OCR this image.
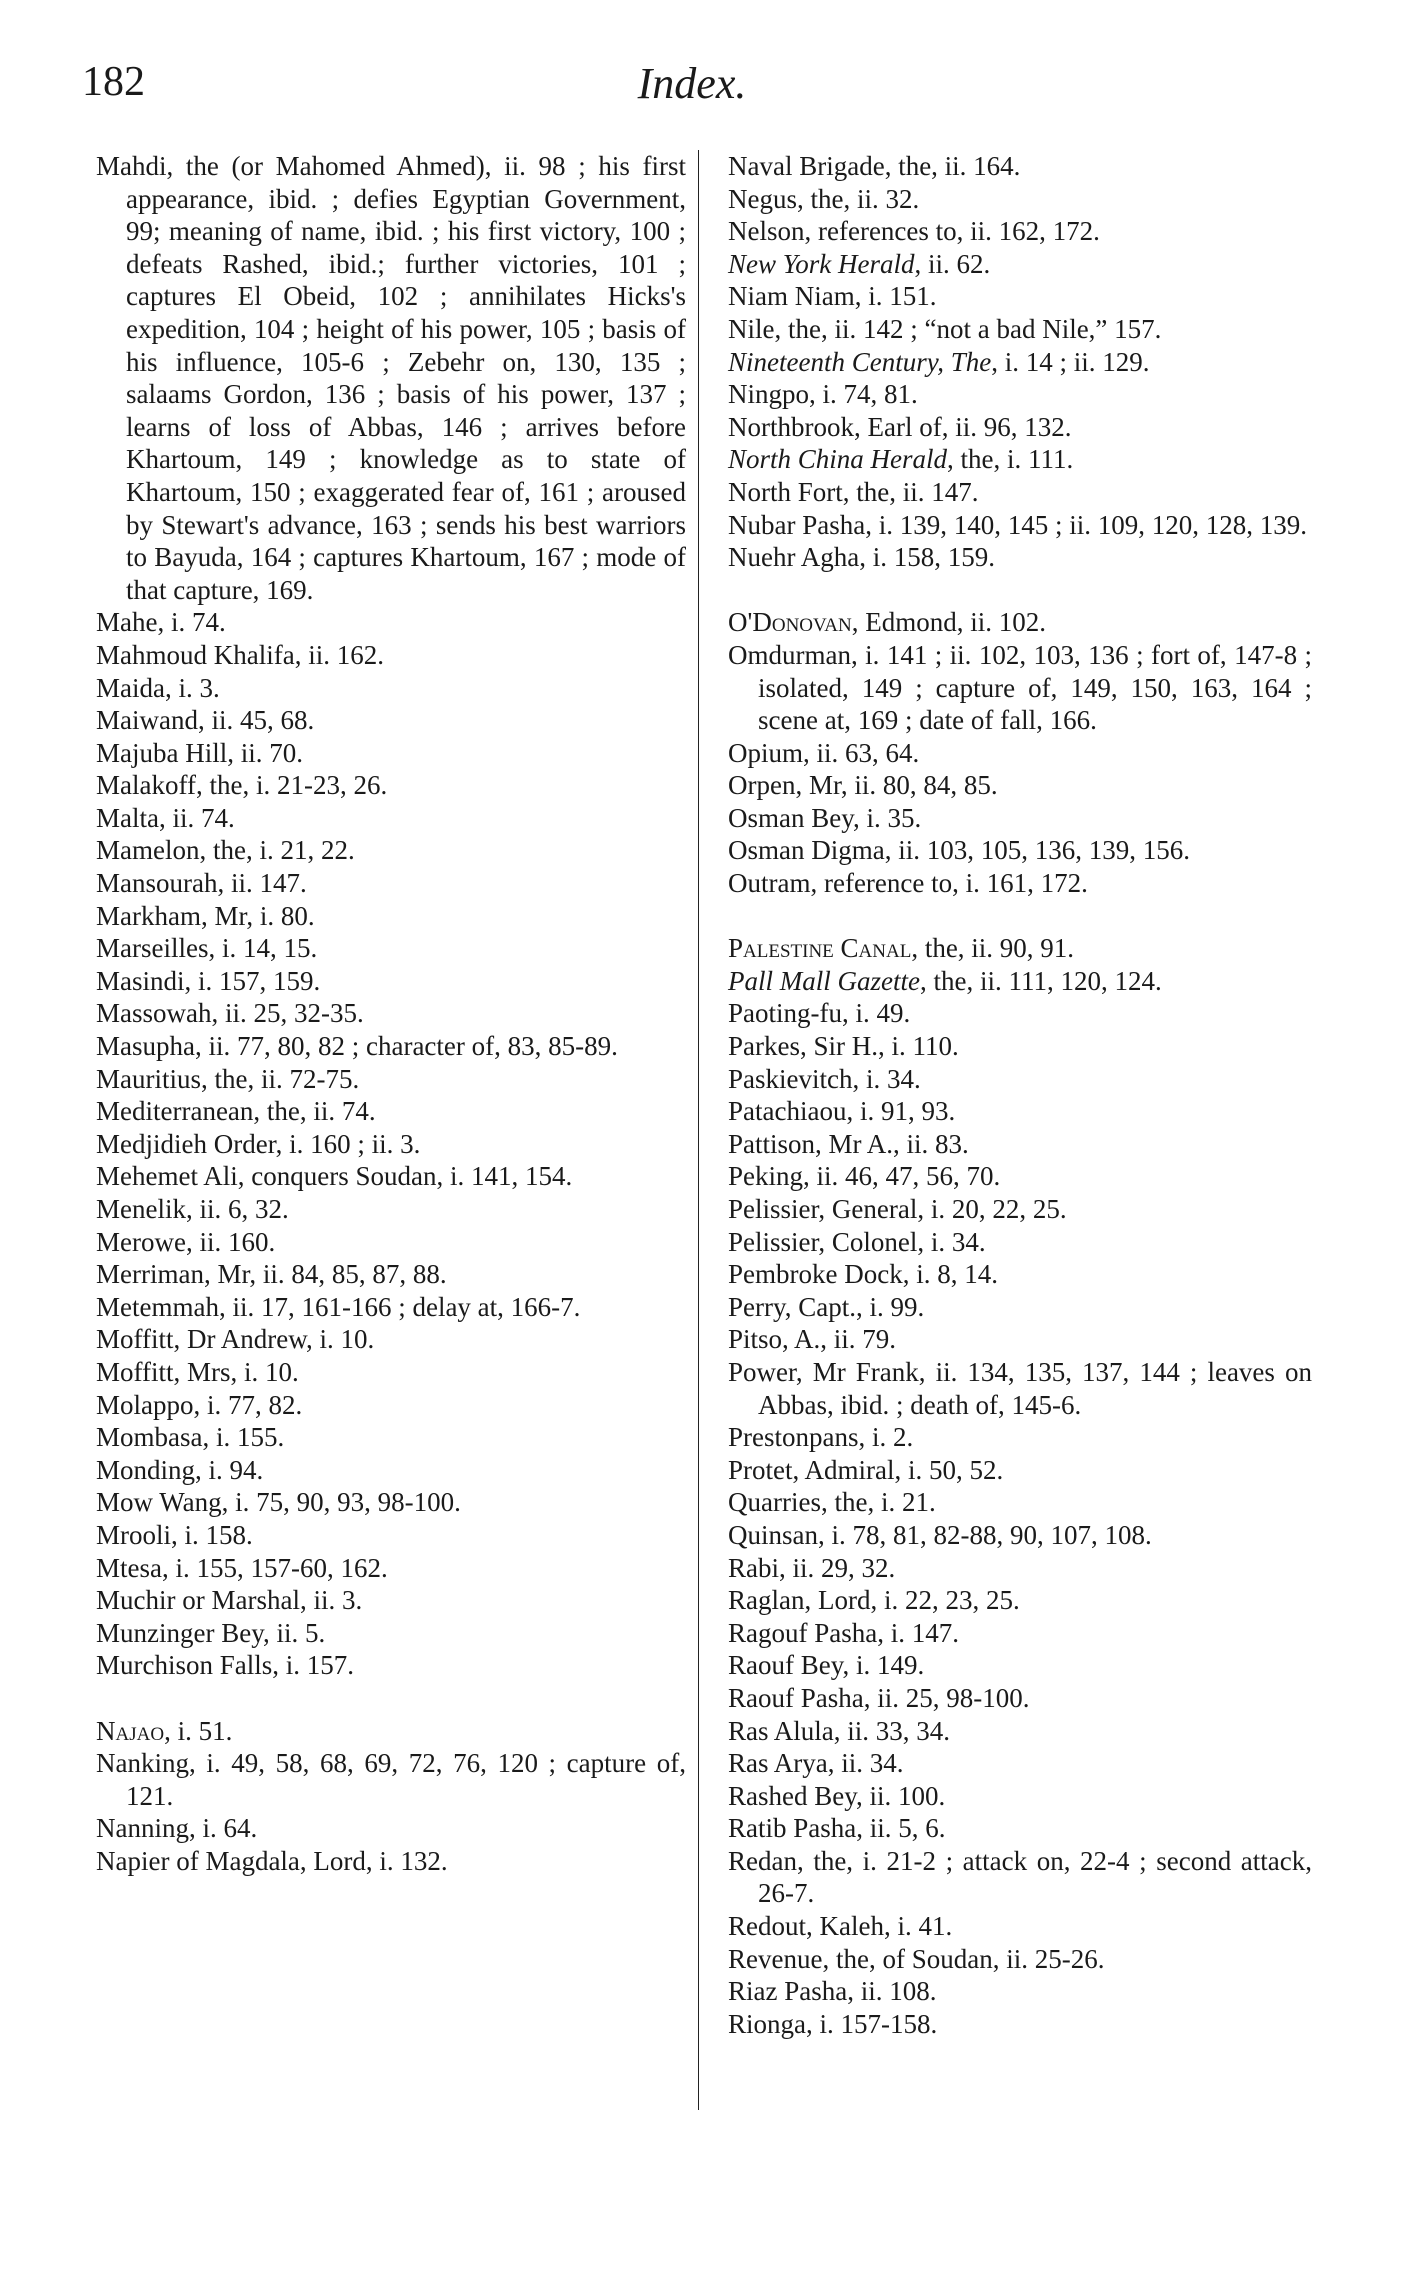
182	Index.
Mahdi, the (or Mahomed Ahmed), ii. 98 ; his first appearance, ibid. ; defies Egyptian Government, 99; meaning of name, ibid. ; his first victory, 100 ; defeats Rashed, ibid.; further victories, 101 ; captures El Obeid, 102 ; annihilates Hicks's expedition, 104 ; height of his power, 105 ; basis of his influence, 105-6 ; Zebehr on, 130, 135 ; salaams Gordon, 136 ; basis of his power, 137 ; learns of loss of Abbas, 146 ; arrives before Khartoum, 149 ; knowledge as to state of Khartoum, 150 ; exaggerated fear of, 161 ; aroused by Stewart's advance, 163 ; sends his best warriors to Bayuda, 164 ; captures Khartoum, 167 ; mode of that capture, 169.
Mahe, i. 74.
Mahmoud Khalifa, ii. 162.
Maida, i. 3.
Maiwand, ii. 45, 68.
Majuba Hill, ii. 70.
Malakoff, the, i. 21-23, 26.
Malta, ii. 74.
Mamelon, the, i. 21, 22.
Mansourah, ii. 147.
Markham, Mr, i. 80.
Marseilles, i. 14, 15.
Masindi, i. 157, 159.
Massowah, ii. 25, 32-35.
Masupha, ii. 77, 80, 82 ; character of, 83, 85-89.
Mauritius, the, ii. 72-75.
Mediterranean, the, ii. 74.
Medjidieh Order, i. 160 ; ii. 3.
Mehemet Ali, conquers Soudan, i. 141, 154.
Menelik, ii. 6, 32.
Merowe, ii. 160.
Merriman, Mr, ii. 84, 85, 87, 88.
Metemmah, ii. 17, 161-166 ; delay at, 166-7.
Moffitt, Dr Andrew, i. 10.
Moffitt, Mrs, i. 10.
Molappo, i. 77, 82.
Mombasa, i. 155.
Monding, i. 94.
Mow Wang, i. 75, 90, 93, 98-100.
Mrooli, i. 158.
Mtesa, i. 155, 157-60, 162.
Muchir or Marshal, ii. 3.
Munzinger Bey, ii. 5.
Murchison Falls, i. 157.
Najao, i. 51.
Nanking, i. 49, 58, 68, 69, 72, 76, 120 ; capture of, 121.
Nanning, i. 64.
Napier of Magdala, Lord, i. 132.
Naval Brigade, the, ii. 164.
Negus, the, ii. 32.
Nelson, references to, ii. 162, 172.
New York Herald, ii. 62.
Niam Niam, i. 151.
Nile, the, ii. 142 ; “not a bad Nile,” 157.
Nineteenth Century, The, i. 14 ; ii. 129.
Ningpo, i. 74, 81.
Northbrook, Earl of, ii. 96, 132.
North China Herald, the, i. 111.
North Fort, the, ii. 147.
Nubar Pasha, i. 139, 140, 145 ; ii. 109, 120, 128, 139.
Nuehr Agha, i. 158, 159.
O'Donovan, Edmond, ii. 102.
Omdurman, i. 141 ; ii. 102, 103, 136 ; fort of, 147-8 ; isolated, 149 ; capture of, 149, 150, 163, 164 ; scene at, 169 ; date of fall, 166.
Opium, ii. 63, 64.
Orpen, Mr, ii. 80, 84, 85.
Osman Bey, i. 35.
Osman Digma, ii. 103, 105, 136, 139, 156.
Outram, reference to, i. 161, 172.
Palestine Canal, the, ii. 90, 91.
Pall Mall Gazette, the, ii. 111, 120, 124.
Paoting-fu, i. 49.
Parkes, Sir H., i. 110.
Paskievitch, i. 34.
Patachiaou, i. 91, 93.
Pattison, Mr A., ii. 83.
Peking, ii. 46, 47, 56, 70.
Pelissier, General, i. 20, 22, 25.
Pelissier, Colonel, i. 34.
Pembroke Dock, i. 8, 14.
Perry, Capt., i. 99.
Pitso, A., ii. 79.
Power, Mr Frank, ii. 134, 135, 137, 144 ; leaves on Abbas, ibid. ; death of, 145-6.
Prestonpans, i. 2.
Protet, Admiral, i. 50, 52.
Quarries, the, i. 21.
Quinsan, i. 78, 81, 82-88, 90, 107, 108.
Rabi, ii. 29, 32.
Raglan, Lord, i. 22, 23, 25.
Ragouf Pasha, i. 147.
Raouf Bey, i. 149.
Raouf Pasha, ii. 25, 98-100.
Ras Alula, ii. 33, 34.
Ras Arya, ii. 34.
Rashed Bey, ii. 100.
Ratib Pasha, ii. 5, 6.
Redan, the, i. 21-2 ; attack on, 22-4 ; second attack, 26-7.
Redout, Kaleh, i. 41.
Revenue, the, of Soudan, ii. 25-26.
Riaz Pasha, ii. 108.
Rionga, i. 157-158.
